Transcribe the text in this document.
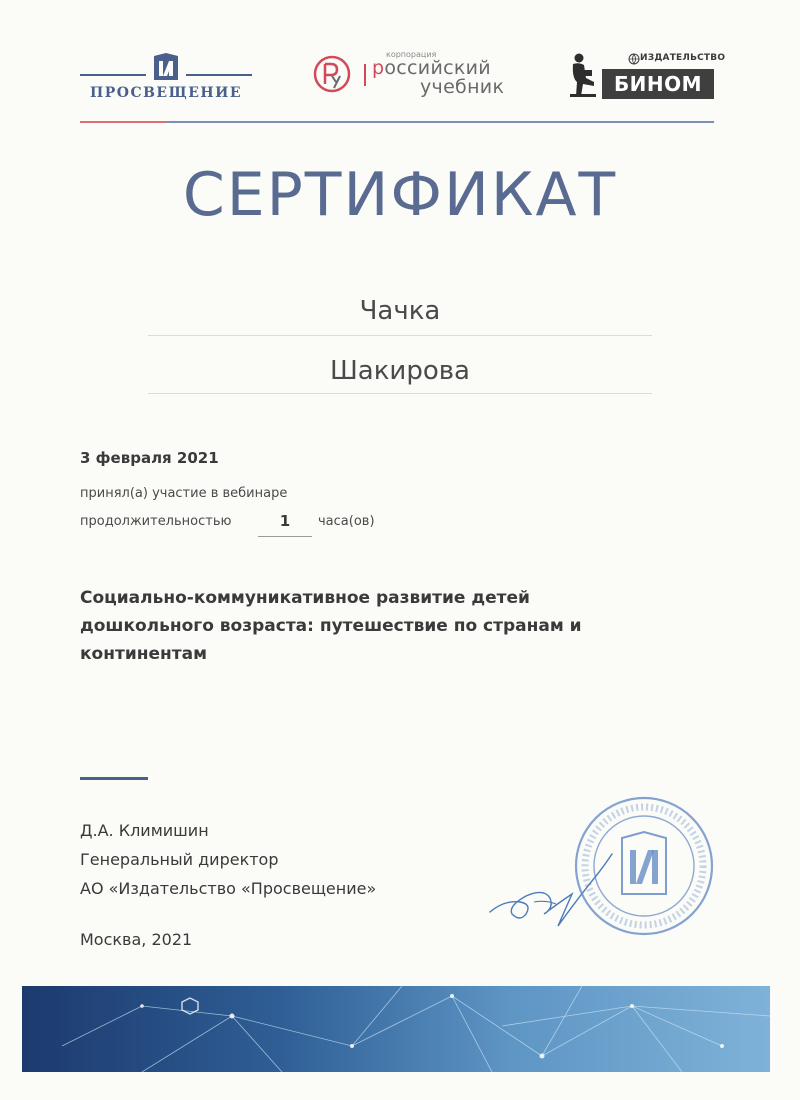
ПРОСВЕЩЕНИЕ
корпорация
российский
учебник
ИЗДАТЕЛЬСТВО
БИНОМ
СЕРТИФИКАТ
Чачка
Шакирова
3 февраля 2021
принял(а) участие в вебинаре
продолжительностью	1	часа(ов)
Социально-коммуникативное развитие детей
дошкольного возраста: путешествие по странам и
континентам
Д.А. Климишин
Генеральный директор
АО «Издательство «Просвещение»
Москва, 2021
